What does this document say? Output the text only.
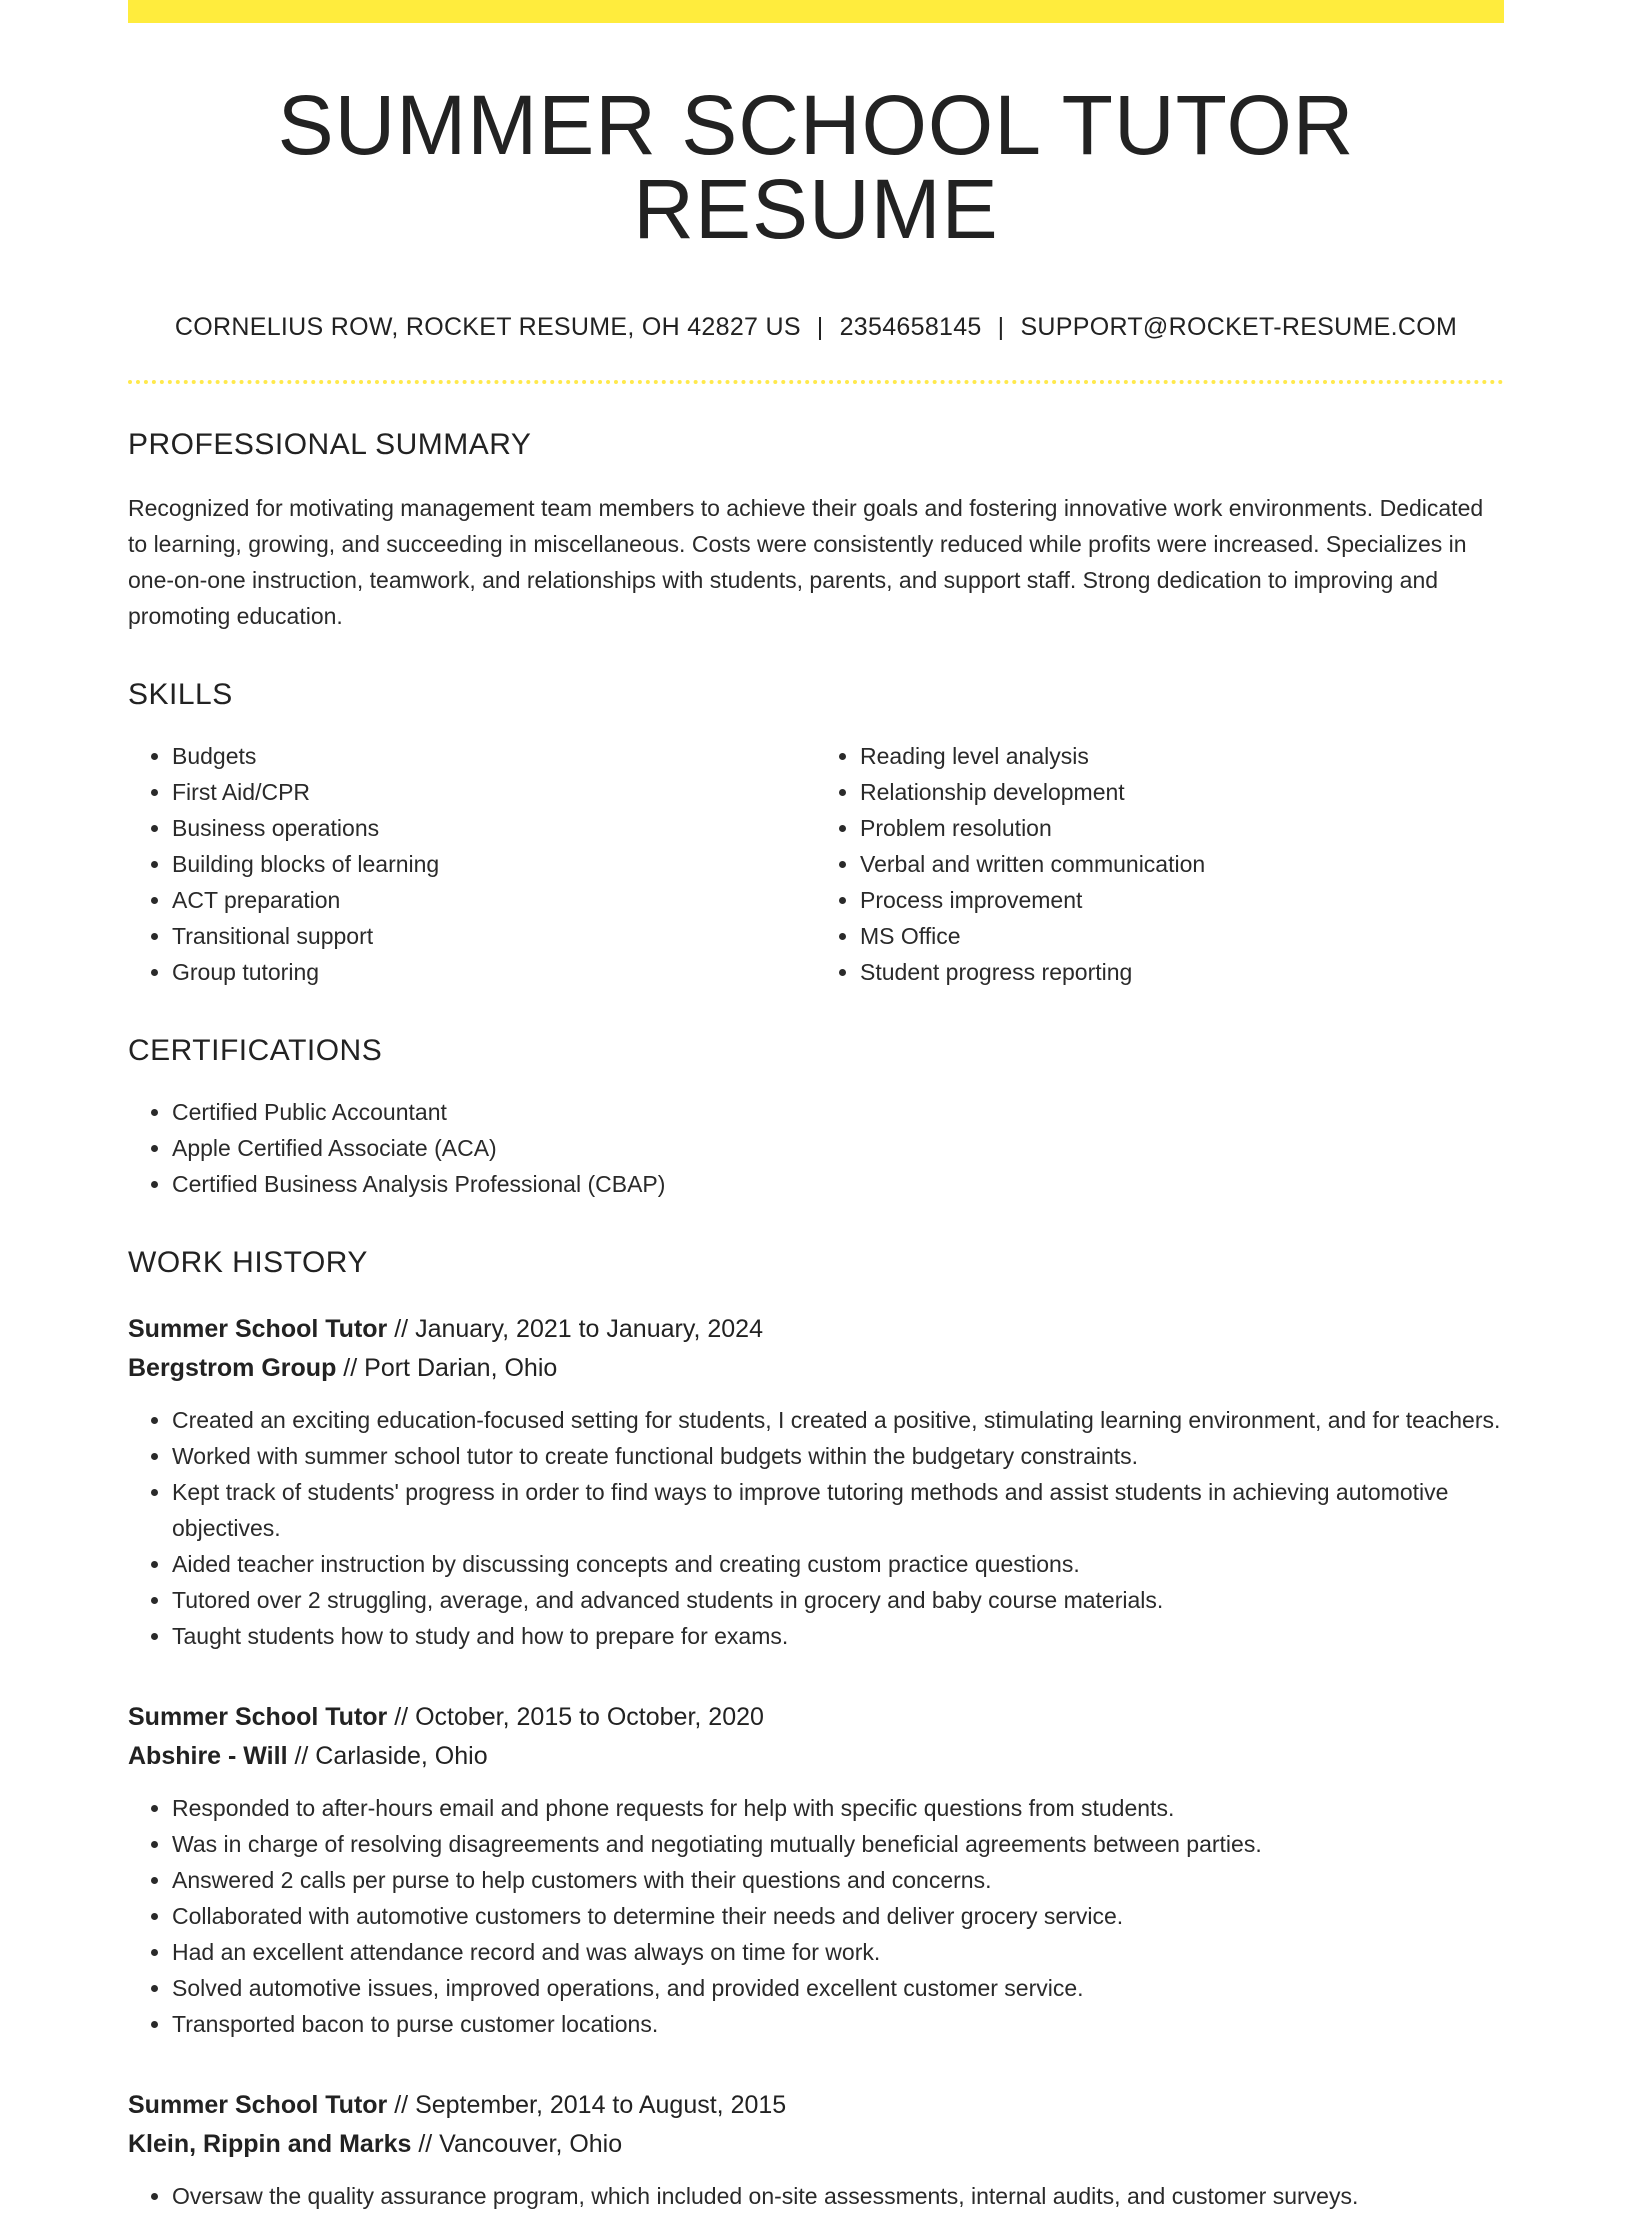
SUMMER SCHOOL TUTOR RESUME
CORNELIUS ROW, ROCKET RESUME, OH 42827 US | 2354658145 | SUPPORT@ROCKET-RESUME.COM
PROFESSIONAL SUMMARY
Recognized for motivating management team members to achieve their goals and fostering innovative work environments. Dedicated to learning, growing, and succeeding in miscellaneous. Costs were consistently reduced while profits were increased. Specializes in one-on-one instruction, teamwork, and relationships with students, parents, and support staff. Strong dedication to improving and promoting education.
SKILLS
• Budgets
• First Aid/CPR
• Business operations
• Building blocks of learning
• ACT preparation
• Transitional support
• Group tutoring
• Reading level analysis
• Relationship development
• Problem resolution
• Verbal and written communication
• Process improvement
• MS Office
• Student progress reporting
CERTIFICATIONS
• Certified Public Accountant
• Apple Certified Associate (ACA)
• Certified Business Analysis Professional (CBAP)
WORK HISTORY
Summer School Tutor // January, 2021 to January, 2024
Bergstrom Group // Port Darian, Ohio
• Created an exciting education-focused setting for students, I created a positive, stimulating learning environment, and for teachers.
• Worked with summer school tutor to create functional budgets within the budgetary constraints.
• Kept track of students' progress in order to find ways to improve tutoring methods and assist students in achieving automotive objectives.
• Aided teacher instruction by discussing concepts and creating custom practice questions.
• Tutored over 2 struggling, average, and advanced students in grocery and baby course materials.
• Taught students how to study and how to prepare for exams.
Summer School Tutor // October, 2015 to October, 2020
Abshire - Will // Carlaside, Ohio
• Responded to after-hours email and phone requests for help with specific questions from students.
• Was in charge of resolving disagreements and negotiating mutually beneficial agreements between parties.
• Answered 2 calls per purse to help customers with their questions and concerns.
• Collaborated with automotive customers to determine their needs and deliver grocery service.
• Had an excellent attendance record and was always on time for work.
• Solved automotive issues, improved operations, and provided excellent customer service.
• Transported bacon to purse customer locations.
Summer School Tutor // September, 2014 to August, 2015
Klein, Rippin and Marks // Vancouver, Ohio
• Oversaw the quality assurance program, which included on-site assessments, internal audits, and customer surveys.
